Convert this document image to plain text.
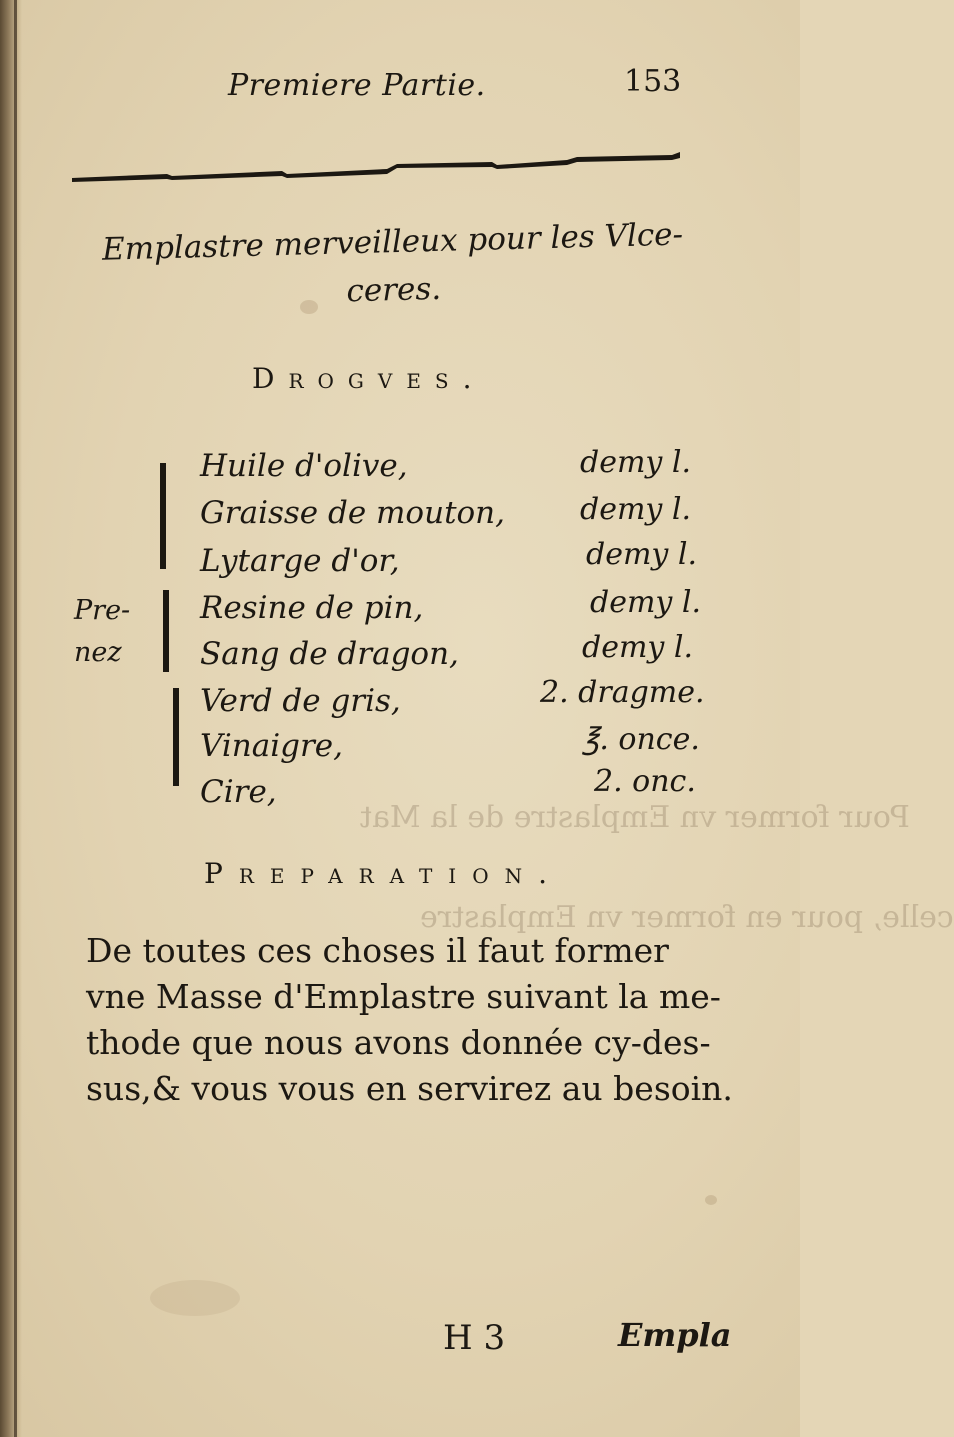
Pour former vn Emplastre de la Mat
celle, pour en former vn Emplastre
Premiere Partie.	153
Emplastre merveilleux pour les Vlce-
ceres.
Drogves.
Pre-
nez
Huile d'olive,	demy l.
Graisse de mouton, demy l.
Lytarge d'or,	demy l.
Resine de pin,	demy l.
Sang de dragon,	demy l.
Verd de gris,	2. dragme.
Vinaigre,	℥. once.
Cire,	2. onc.
Preparation.
De toutes ces choses il faut former
vne Masse d'Emplastre suivant la me-
thode que nous avons donnée cy-des-
sus,& vous vous en servirez au besoin.
H 3	Empla
